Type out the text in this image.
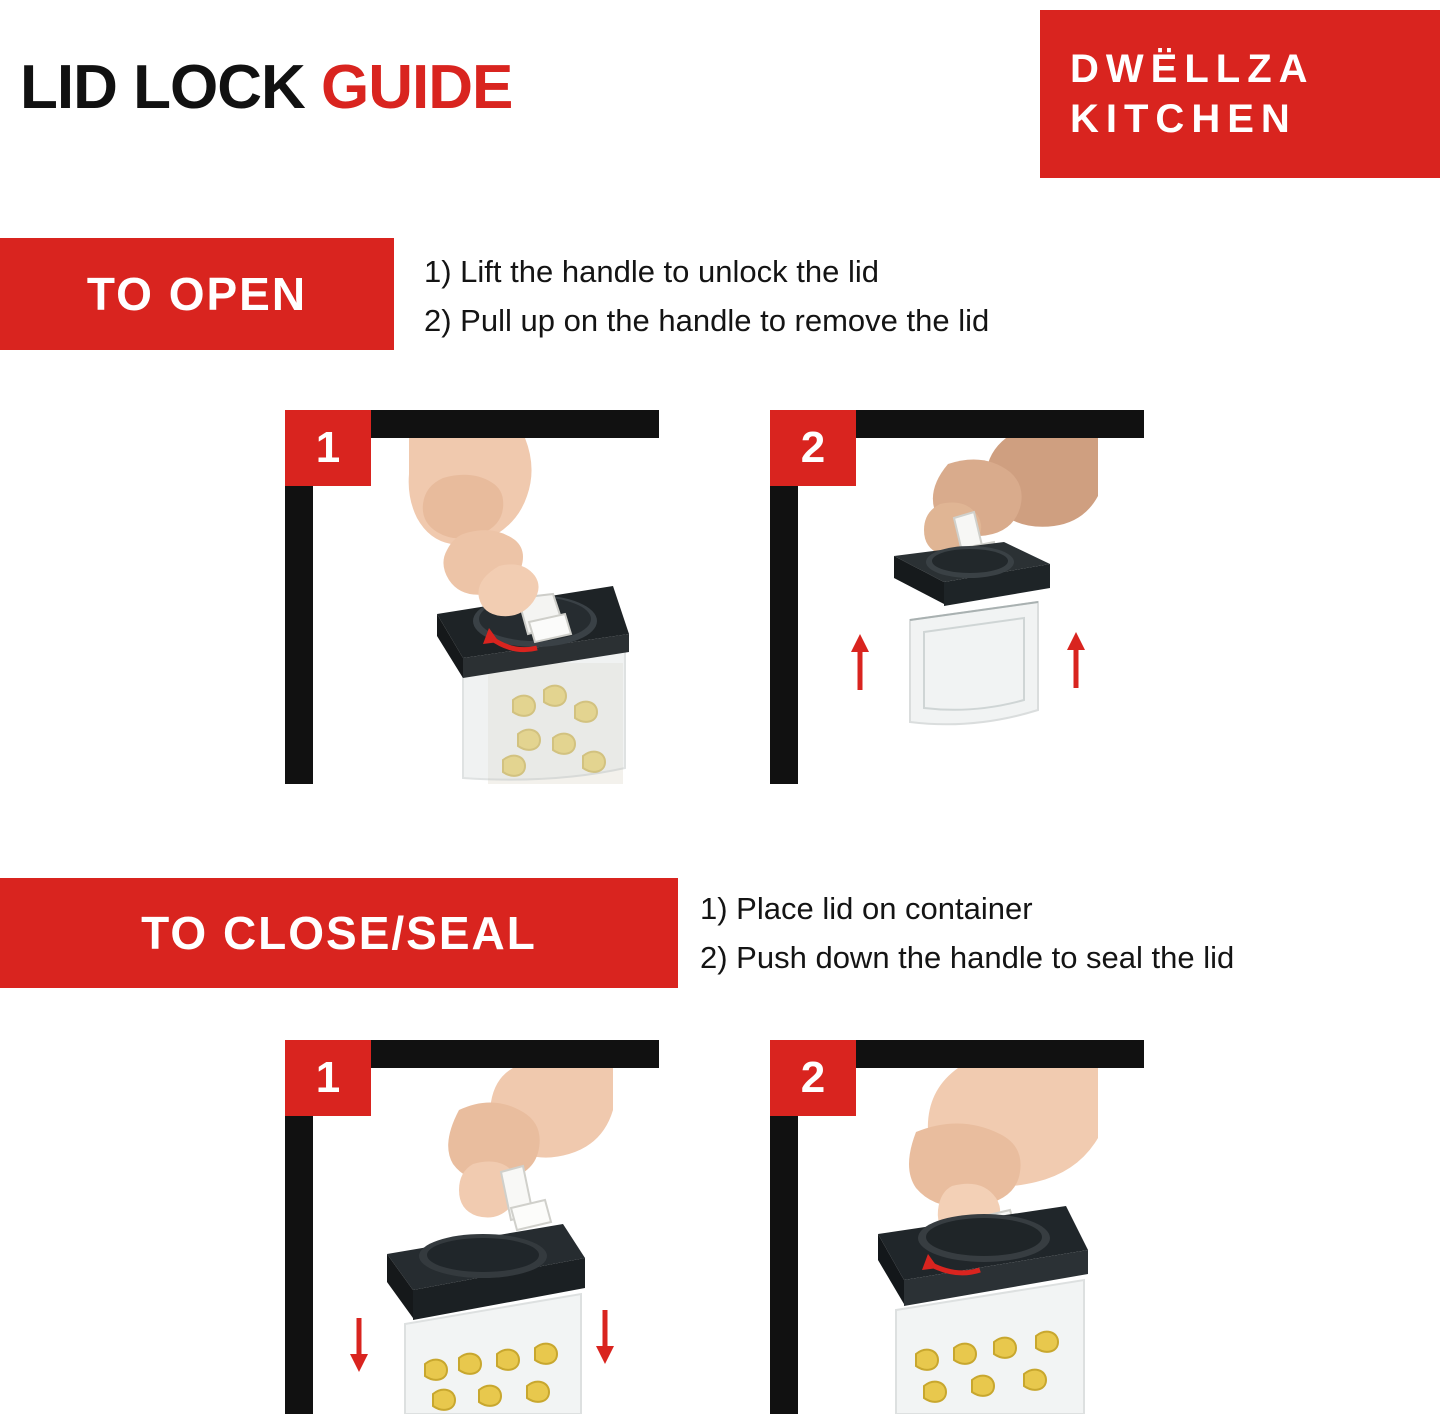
LID LOCK GUIDE	DWËLLZA
KITCHEN
TO OPEN	1) Lift the handle to unlock the lid
2) Pull up on the handle to remove the lid
1	2
TO CLOSE/SEAL	1) Place lid on container
2) Push down the handle to seal the lid
1	2
